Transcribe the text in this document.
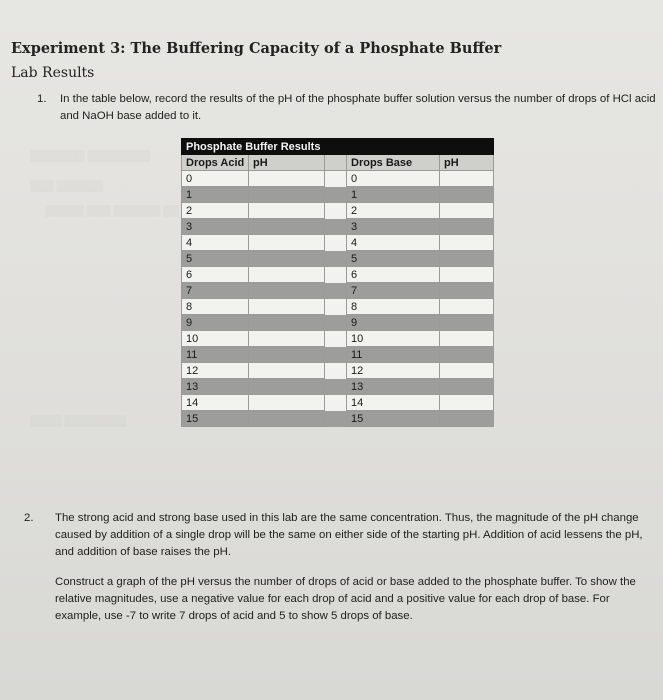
▒▒▒▒▒▒▒ ▒▒▒▒▒▒▒▒
▒▒▒ ▒▒▒▒▒▒
▒▒▒▒▒ ▒▒▒ ▒▒▒▒▒▒ ▒▒
▒▒▒▒ ▒▒▒▒▒▒▒▒
Experiment 3: The Buffering Capacity of a Phosphate Buffer
Lab Results
1. In the table below, record the results of the pH of the phosphate buffer solution versus the number of drops of HCl acid and NaOH base added to it.
Phosphate Buffer Results				
Drops Acid	pH		Drops Base	pH
0			0	
1			1	
2			2	
3			3	
4			4	
5			5	
6			6	
7			7	
8			8	
9			9	
10			10	
11			11	
12			12	
13			13	
14			14	
15			15	
2. The strong acid and strong base used in this lab are the same concentration. Thus, the magnitude of the pH change caused by addition of a single drop will be the same on either side of the starting pH. Addition of acid lessens the pH, and addition of base raises the pH.
Construct a graph of the pH versus the number of drops of acid or base added to the phosphate buffer. To show the relative magnitudes, use a negative value for each drop of acid and a positive value for each drop of base. For example, use -7 to write 7 drops of acid and 5 to show 5 drops of base.
